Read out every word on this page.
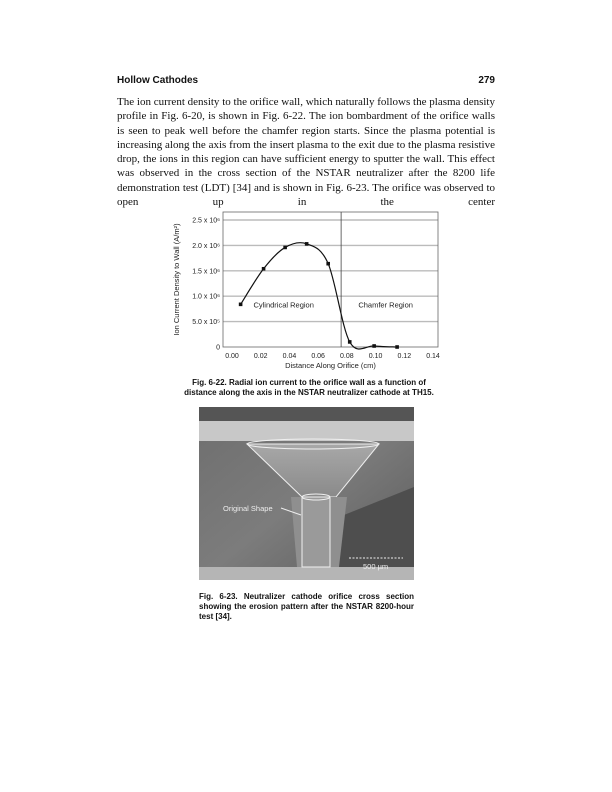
Hollow Cathodes	279
The ion current density to the orifice wall, which naturally follows the plasma density profile in Fig. 6-20, is shown in Fig. 6-22. The ion bombardment of the orifice walls is seen to peak well before the chamfer region starts. Since the plasma potential is increasing along the axis from the insert plasma to the exit due to the plasma resistive drop, the ions in this region can have sufficient energy to sputter the wall. This effect was observed in the cross section of the NSTAR neutralizer after the 8200 life demonstration test (LDT) [34] and is shown in Fig. 6-23. The orifice was observed to open up in the center
0
5.0 x 10⁵
1.0 x 10⁶
1.5 x 10⁶
2.0 x 10⁶
2.5 x 10⁶
0.00 0.02 0.04 0.06 0.08 0.10 0.12 0.14
Cylindrical Region	Chamfer Region
Distance Along Orifice (cm)
Ion Current Density to Wall (A/m²)
Fig. 6-22. Radial ion current to the orifice wall as a function of
distance along the axis in the NSTAR neutralizer cathode at TH15.
Original Shape
500 µm
Fig. 6-23. Neutralizer cathode orifice cross section
showing the erosion pattern after the NSTAR 8200-hour
test [34].
